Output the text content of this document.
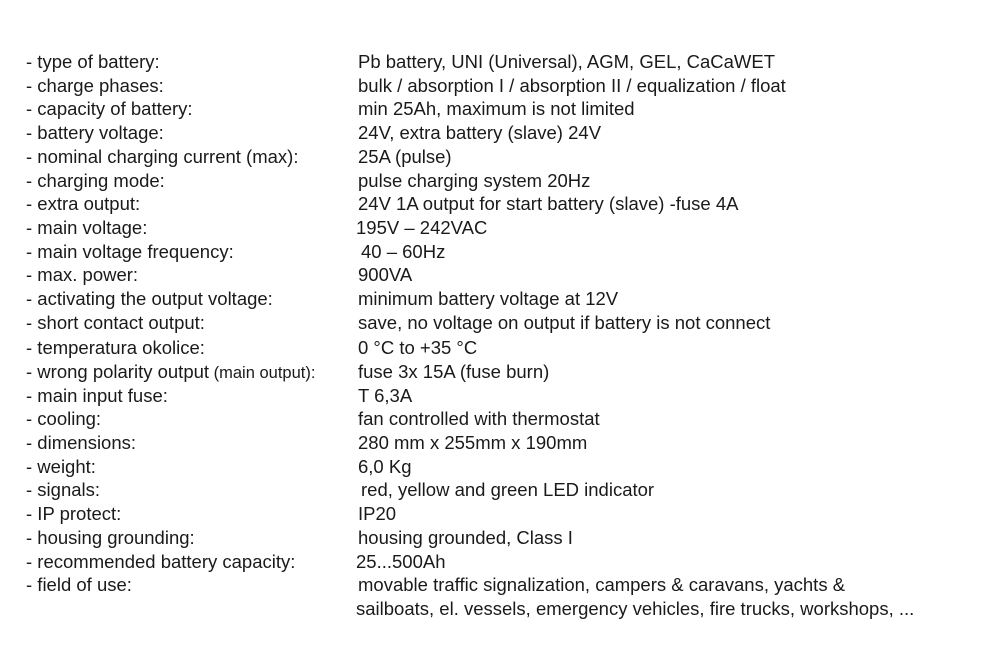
- type of battery:	Pb battery, UNI (Universal), AGM, GEL, CaCaWET
- charge phases:	bulk / absorption I / absorption II / equalization / float
- capacity of battery:	min 25Ah, maximum is not limited
- battery voltage:	24V, extra battery (slave) 24V
- nominal charging current (max):	25A (pulse)
- charging mode:	pulse charging system 20Hz
- extra output:	24V 1A output for start battery (slave) -fuse 4A
- main voltage:	195V – 242VAC
- main voltage frequency:	40 – 60Hz
- max. power:	900VA
- activating the output voltage:	minimum battery voltage at 12V
- short contact output:	save, no voltage on output if battery is not connect
- temperatura okolice:	0 °C to +35 °C
- wrong polarity output (main output): fuse 3x 15A (fuse burn)
- main input fuse:	T 6,3A
- cooling:	fan controlled with thermostat
- dimensions:	280 mm x 255mm x 190mm
- weight:	6,0 Kg
- signals:	red, yellow and green LED indicator
- IP protect:	IP20
- housing grounding:	housing grounded, Class I
- recommended battery capacity:	25...500Ah
- field of use:	movable traffic signalization, campers & caravans, yachts &
sailboats, el. vessels, emergency vehicles, fire trucks, workshops, ...
